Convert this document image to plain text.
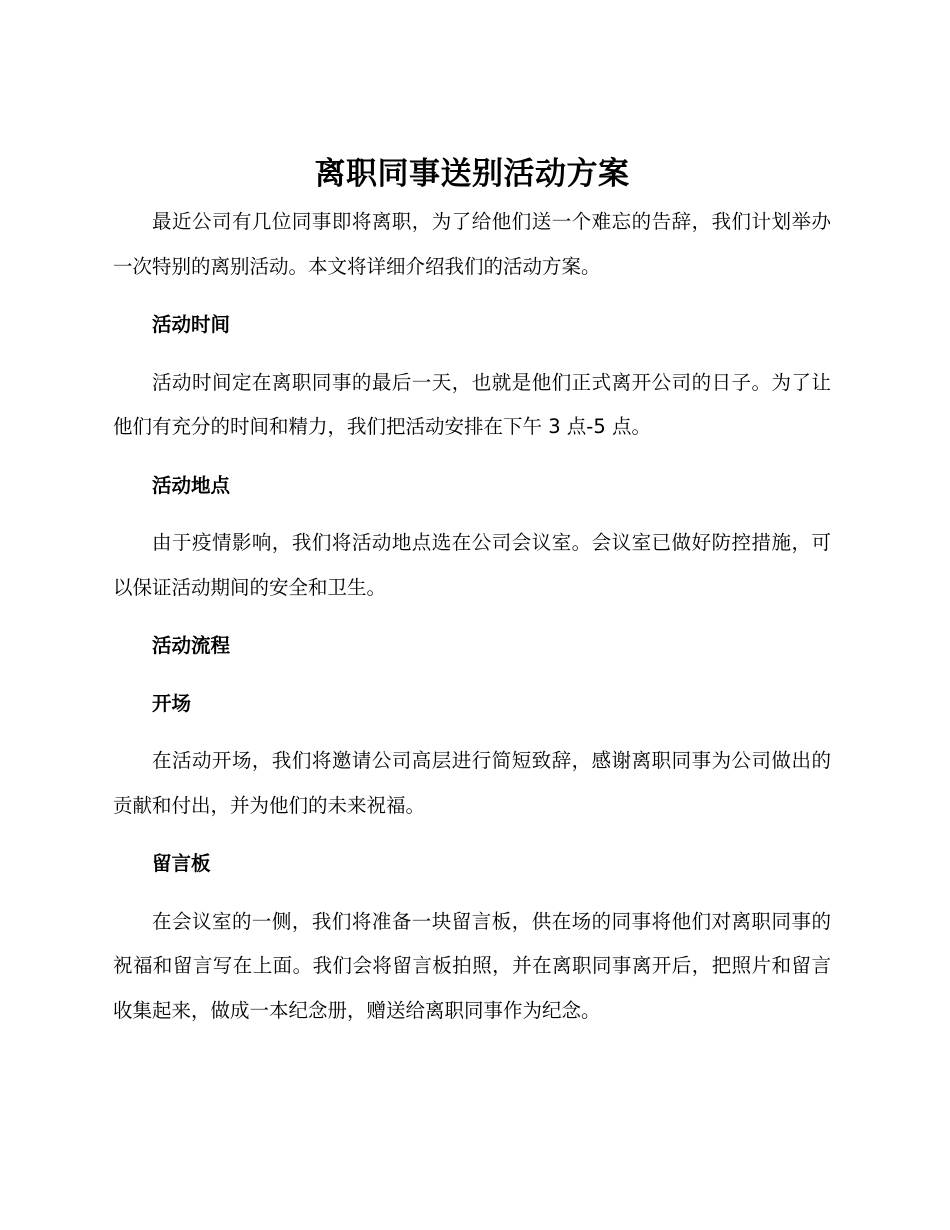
离职同事送别活动方案

最近公司有几位同事即将离职，为了给他们送一个难忘的告辞，我们计划举办一次特别的离别活动。本文将详细介绍我们的活动方案。

活动时间

活动时间定在离职同事的最后一天，也就是他们正式离开公司的日子。为了让他们有充分的时间和精力，我们把活动安排在下午 3 点-5 点。

活动地点

由于疫情影响，我们将活动地点选在公司会议室。会议室已做好防控措施，可以保证活动期间的安全和卫生。

活动流程
开场

在活动开场，我们将邀请公司高层进行简短致辞，感谢离职同事为公司做出的贡献和付出，并为他们的未来祝福。

留言板

在会议室的一侧，我们将准备一块留言板，供在场的同事将他们对离职同事的祝福和留言写在上面。我们会将留言板拍照，并在离职同事离开后，把照片和留言收集起来，做成一本纪念册，赠送给离职同事作为纪念。
